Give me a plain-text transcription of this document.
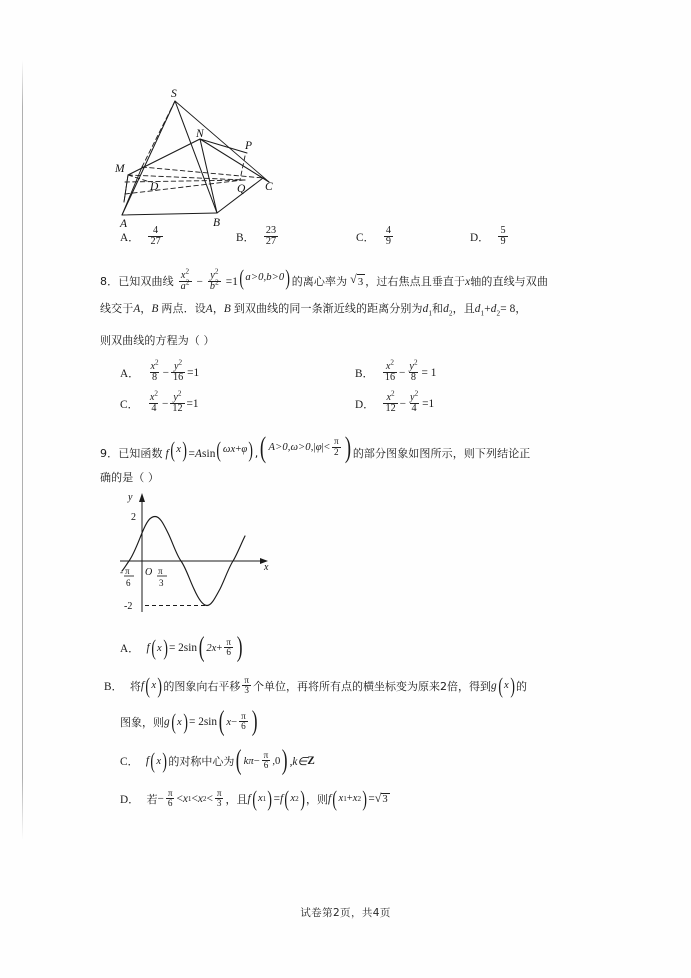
S
N
P
M
D	Q C
A	B
A． $\frac{4}{27}$	B． $\frac{23}{27}$	C． $\frac{4}{9}$	D． $\frac{5}{9}$
8．已知双曲线 $\frac{x^2}{a^2} - \frac{y^2}{b^2} =1$ ( a>0,b>0 ) 的离心率为 √ 3 ，过右焦点且垂直于x轴的直线与双曲
线交于A，B 两点．设A，B 到双曲线的同一条渐近线的距离分别为$d_1$和$d_2$，且$d_1+d_2= 8$，
则双曲线的方程为（ ）
A． $\frac{x^2}{8} - \frac{y^2}{16} =1$	B． $\frac{x^2}{16} - \frac{y^2}{8} = 1$
C． $\frac{x^2}{4} - \frac{y^2}{12} =1$	D． $\frac{x^2}{12} - \frac{y^2}{4} =1$
9．已知函数 f ( x ) =Asin ( ω x + φ ) , ( A>0, ω>0, | φ | < $\frac{\pi}{2}$ ) 的部分图象如图所示，则下列结论正
确的是（ ）
y
x
2
-2
O
- π
6
π
3
A． f ( x ) = 2sin ( $2x + \frac{\pi}{6}$ )
B． 将 f ( x ) 的图象向右平移 $\frac{\pi}{3}$ 个单位，再将所有点的横坐标变为原来2倍，得到 g ( x ) 的
图象，则 g ( x ) = 2sin ( $x - \frac{\pi}{6}$ )
C． f ( x ) 的对称中心为 ( $k\pi - \frac{\pi}{6} ,0$ ) ,k∈ Z
D． 若 − $\frac{\pi}{6} < x$ 1 < x $2 < \frac{\pi}{3}$ ，且 f ( x 1 ) = f ( x 2 ) ，则 f ( x 1 + x 2 ) = √ 3
试卷第2页，共4页
